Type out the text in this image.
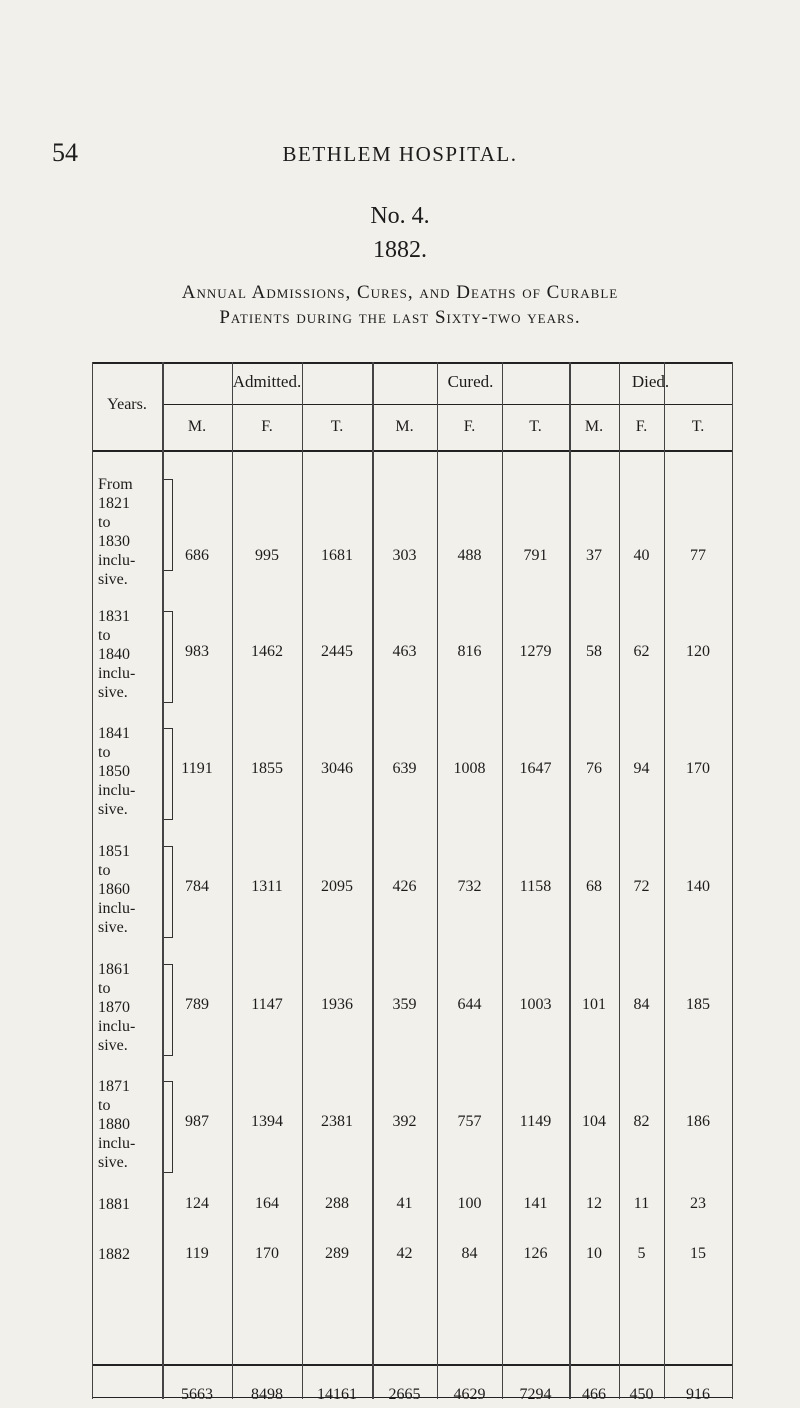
54	BETHLEM HOSPITAL.
No. 4.
1882.
Annual Admissions, Cures, and Deaths of Curable
Patients during the last Sixty-two years.
Years.
Admitted.	Cured.	Died.
M.	F.	T.	M.	F.	T.	M.	F.	T.
From
1821
to
1830
inclu-
sive.
686	995	1681	303	488	791	37	40	77
1831
to
1840
inclu-
sive.
983	1462	2445	463	816	1279	58	62	120
1841
to
1850
inclu-
sive.
1191	1855	3046	639	1008	1647	76	94	170
1851
to
1860
inclu-
sive.
784	1311	2095	426	732	1158	68	72	140
1861
to
1870
inclu-
sive.
789	1147	1936	359	644	1003	101	84	185
1871
to
1880
inclu-
sive.
987	1394	2381	392	757	1149	104	82	186
1881	124	164	288	41	100	141	12	11	23
1882	119	170	289	42	84	126	10	5	15
5663	8498	14161	2665	4629	7294	466	450	916
